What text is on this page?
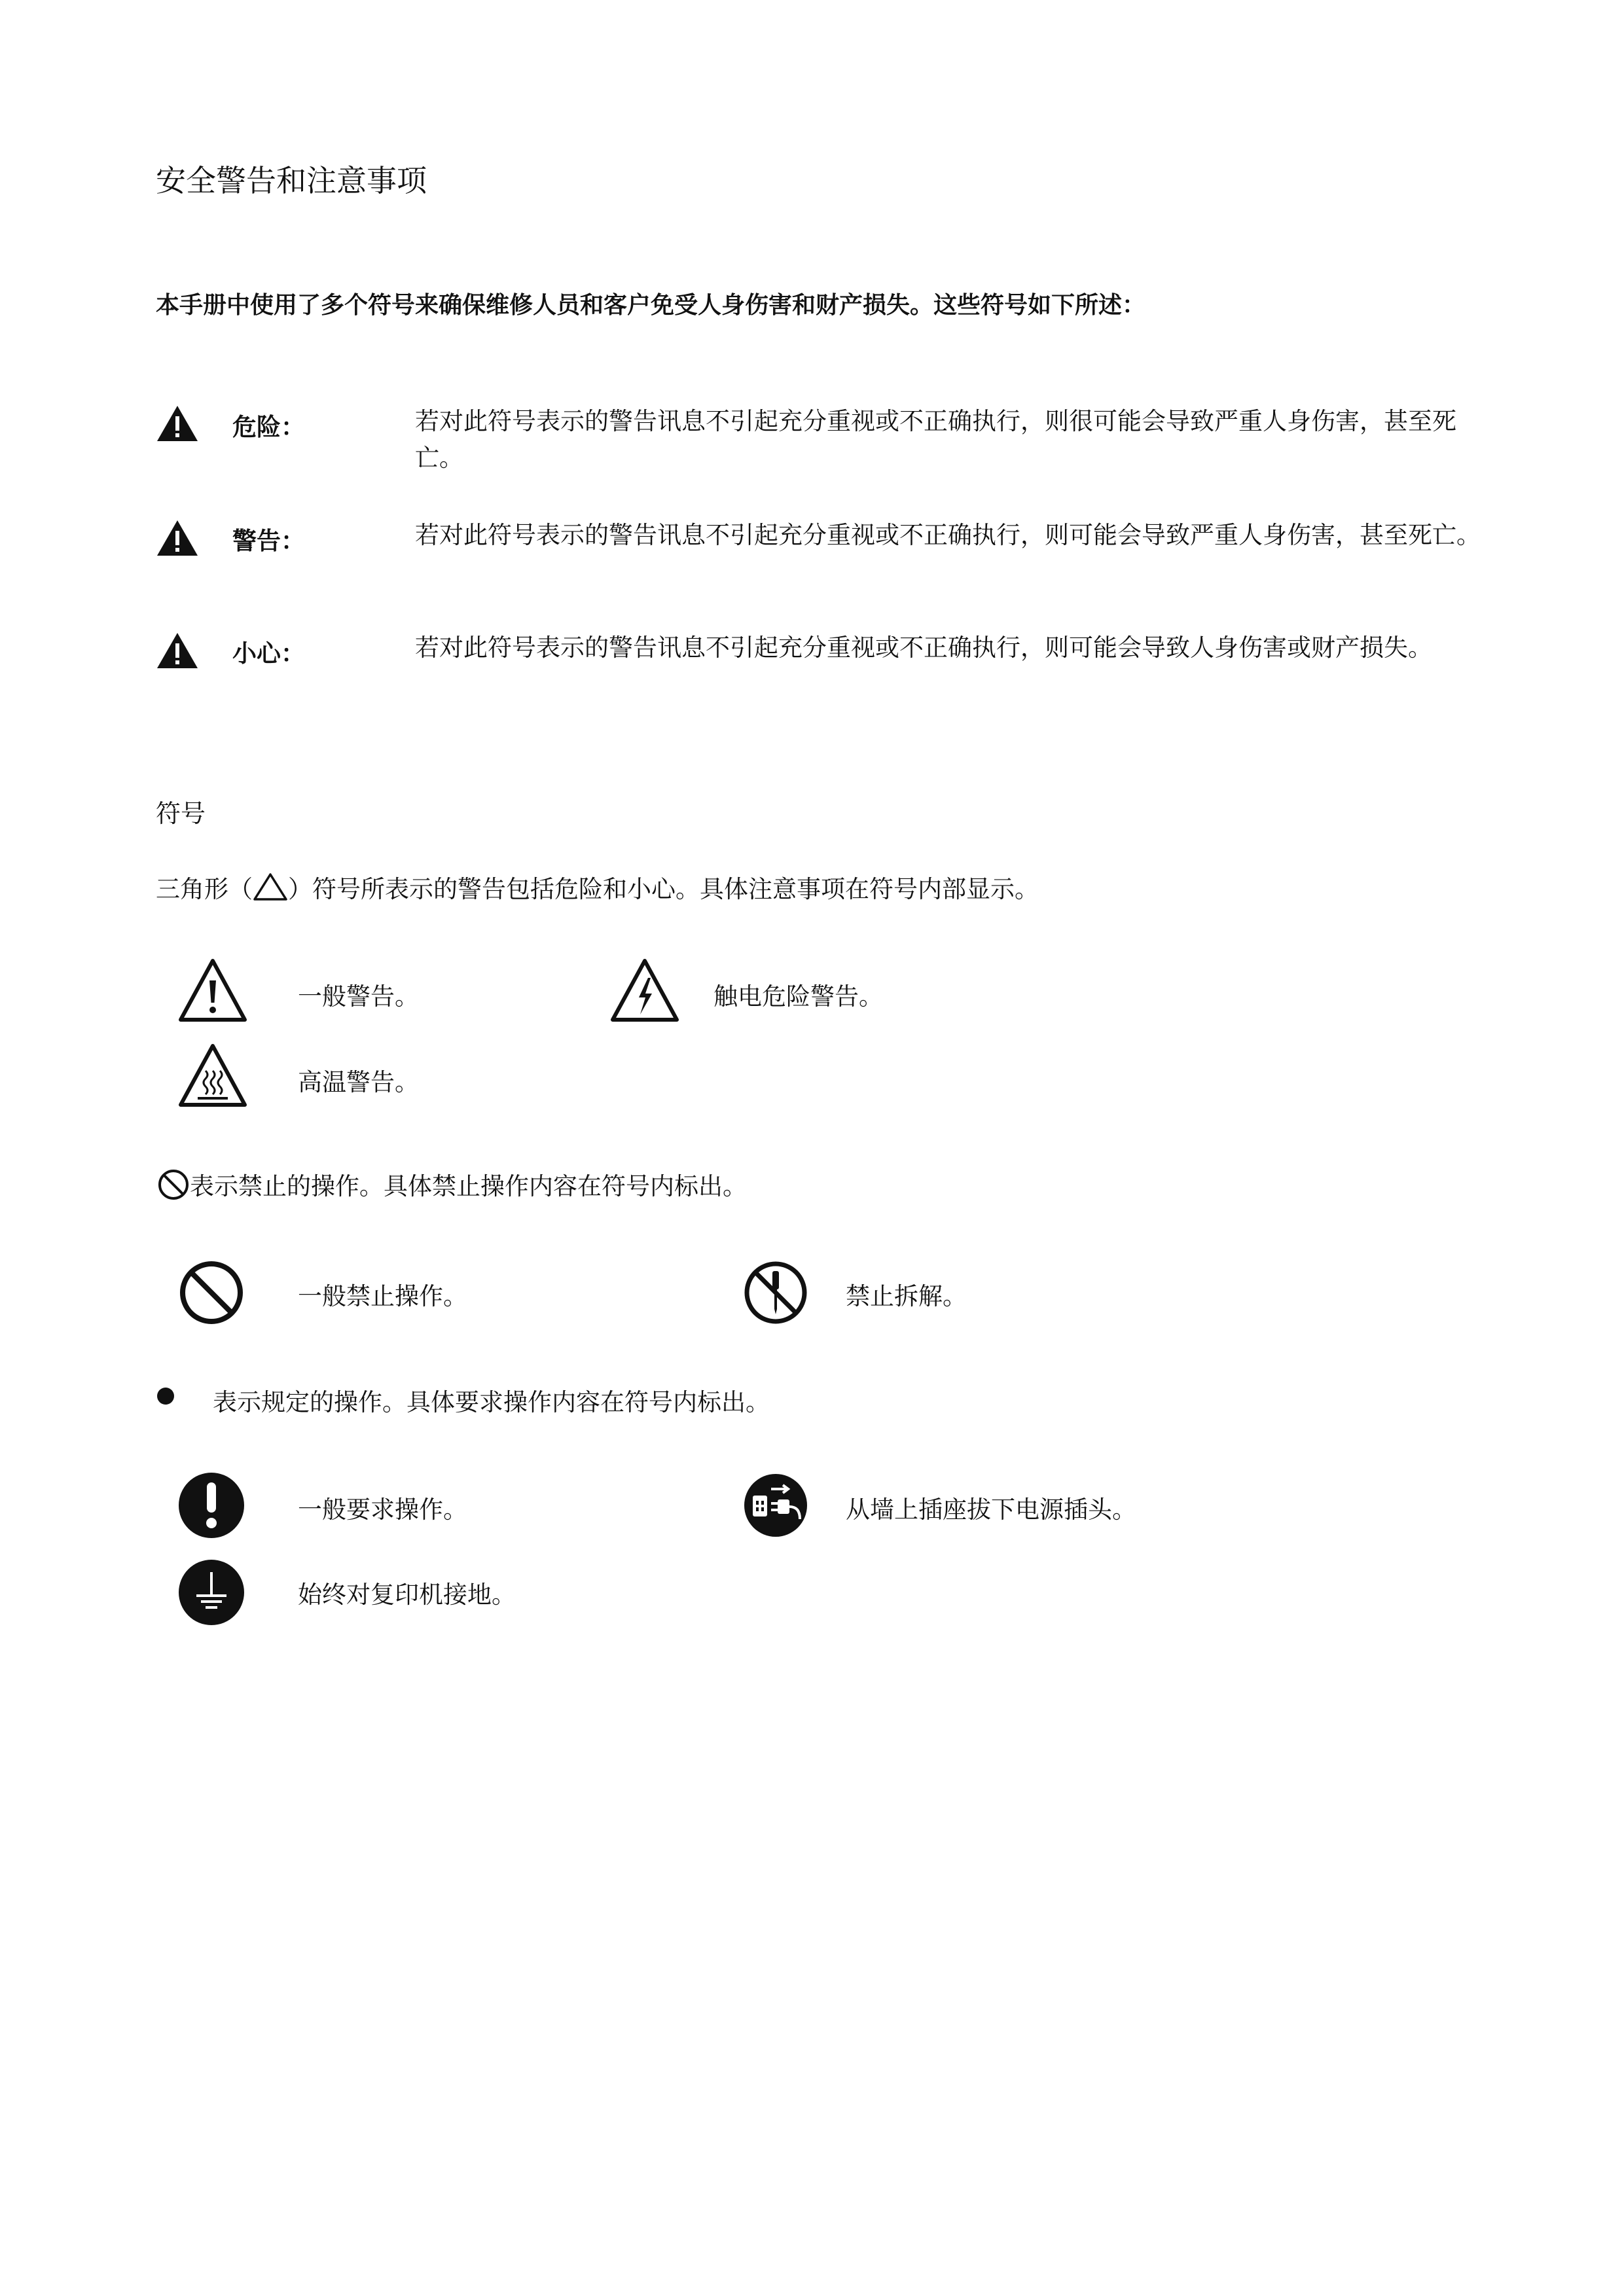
安全警告和注意事项
本手册中使用了多个符号来确保维修人员和客户免受人身伤害和财产损失。这些符号如下所述：
危险：	若对此符号表示的警告讯息不引起充分重视或不正确执行，则很可能会导致严重人身伤害，甚至死亡。
警告：	若对此符号表示的警告讯息不引起充分重视或不正确执行，则可能会导致严重人身伤害，甚至死亡。
小心：	若对此符号表示的警告讯息不引起充分重视或不正确执行，则可能会导致人身伤害或财产损失。
符号
三角形（ ）符号所表示的警告包括危险和小心。具体注意事项在符号内部显示。
一般警告。	触电危险警告。
高温警告。
表示禁止的操作。具体禁止操作内容在符号内标出。
一般禁止操作。	禁止拆解。
表示规定的操作。具体要求操作内容在符号内标出。
一般要求操作。	从墙上插座拔下电源插头。
始终对复印机接地。
